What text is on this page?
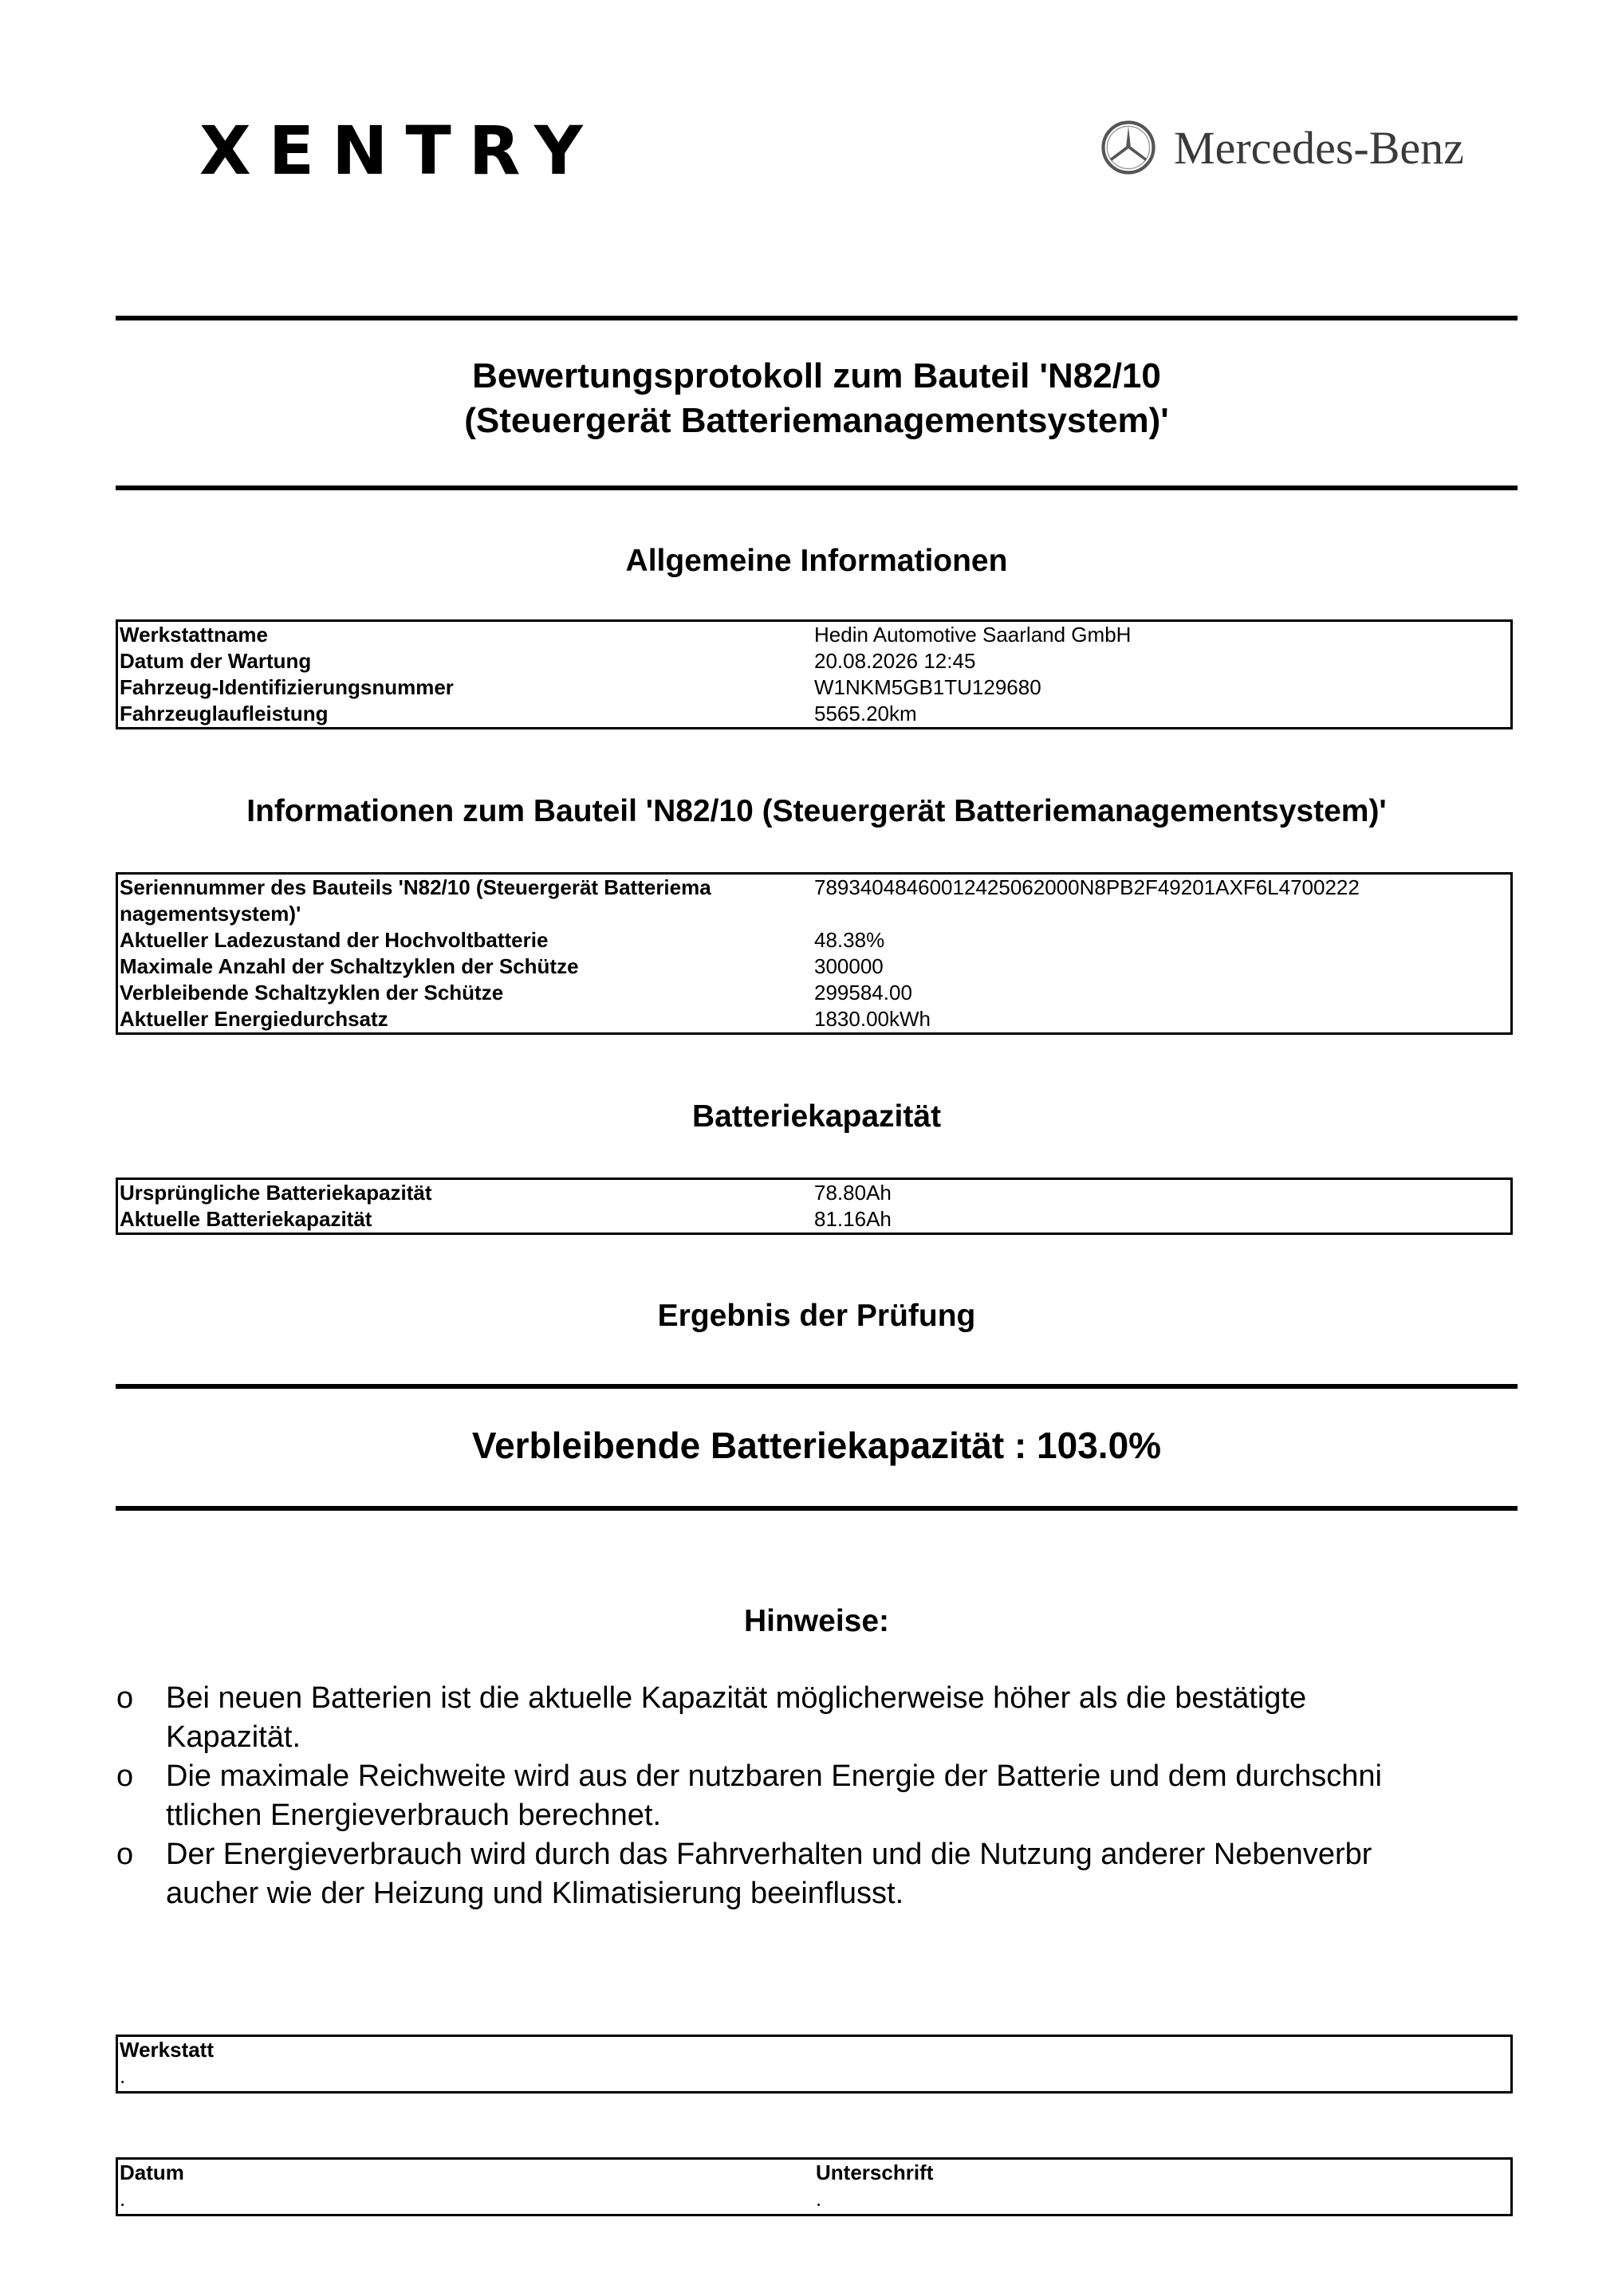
XENTRY	Mercedes-Benz
Bewertungsprotokoll zum Bauteil 'N82/10
(Steuergerät Batteriemanagementsystem)'
Allgemeine Informationen
Werkstattname	Hedin Automotive Saarland GmbH
Datum der Wartung	20.08.2026 12:45
Fahrzeug-Identifizierungsnummer	W1NKM5GB1TU129680
Fahrzeuglaufleistung	5565.20km
Informationen zum Bauteil 'N82/10 (Steuergerät Batteriemanagementsystem)'
Seriennummer des Bauteils 'N82/10 (Steuergerät Batteriema
nagementsystem)'
78934048460012425062000N8PB2F49201AXF6L4700222
Aktueller Ladezustand der Hochvoltbatterie	48.38%
Maximale Anzahl der Schaltzyklen der Schütze	300000
Verbleibende Schaltzyklen der Schütze	299584.00
Aktueller Energiedurchsatz	1830.00kWh
Batteriekapazität
Ursprüngliche Batteriekapazität	78.80Ah
Aktuelle Batteriekapazität	81.16Ah
Ergebnis der Prüfung
Verbleibende Batteriekapazität : 103.0%
Hinweise:
o	Bei neuen Batterien ist die aktuelle Kapazität möglicherweise höher als die bestätigte
Kapazität.
o	Die maximale Reichweite wird aus der nutzbaren Energie der Batterie und dem durchschni
ttlichen Energieverbrauch berechnet.
o	Der Energieverbrauch wird durch das Fahrverhalten und die Nutzung anderer Nebenverbr
aucher wie der Heizung und Klimatisierung beeinflusst.
Werkstatt
.
Datum
.
Unterschrift
.
